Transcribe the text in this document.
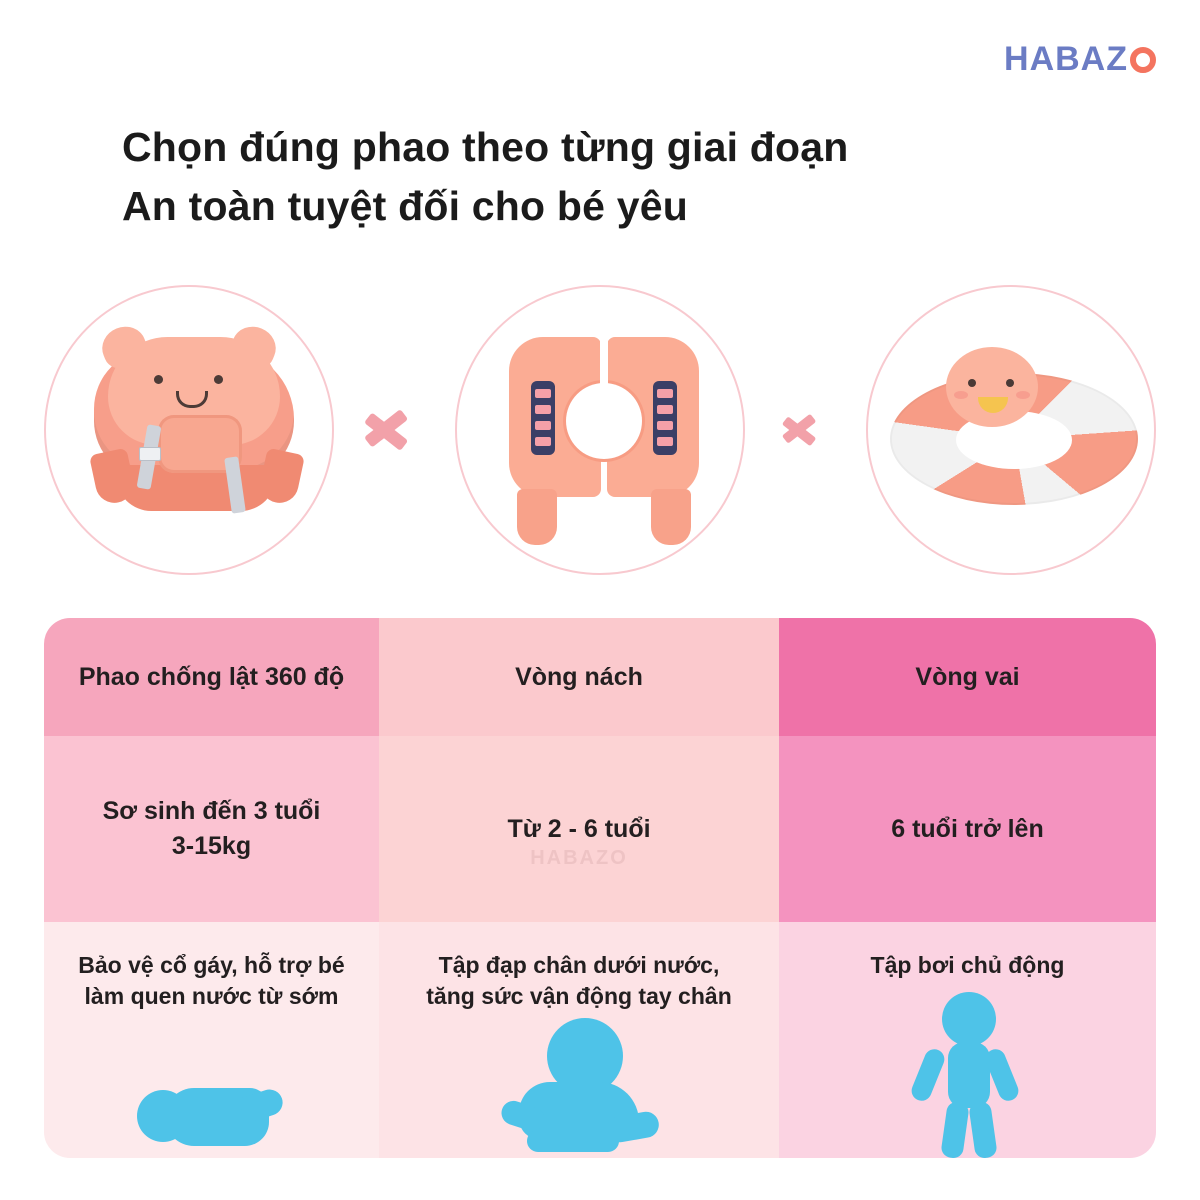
HABAZ
Chọn đúng phao theo từng giai đoạn
An toàn tuyệt đối cho bé yêu
Phao chống lật 360 độ	Vòng nách	Vòng vai
Sơ sinh đến 3 tuổi
3-15kg
Từ 2 - 6 tuổi
HABAZO
6 tuổi trở lên
Bảo vệ cổ gáy, hỗ trợ bé
làm quen nước từ sớm
Tập đạp chân dưới nước,
tăng sức vận động tay chân
Tập bơi chủ động
